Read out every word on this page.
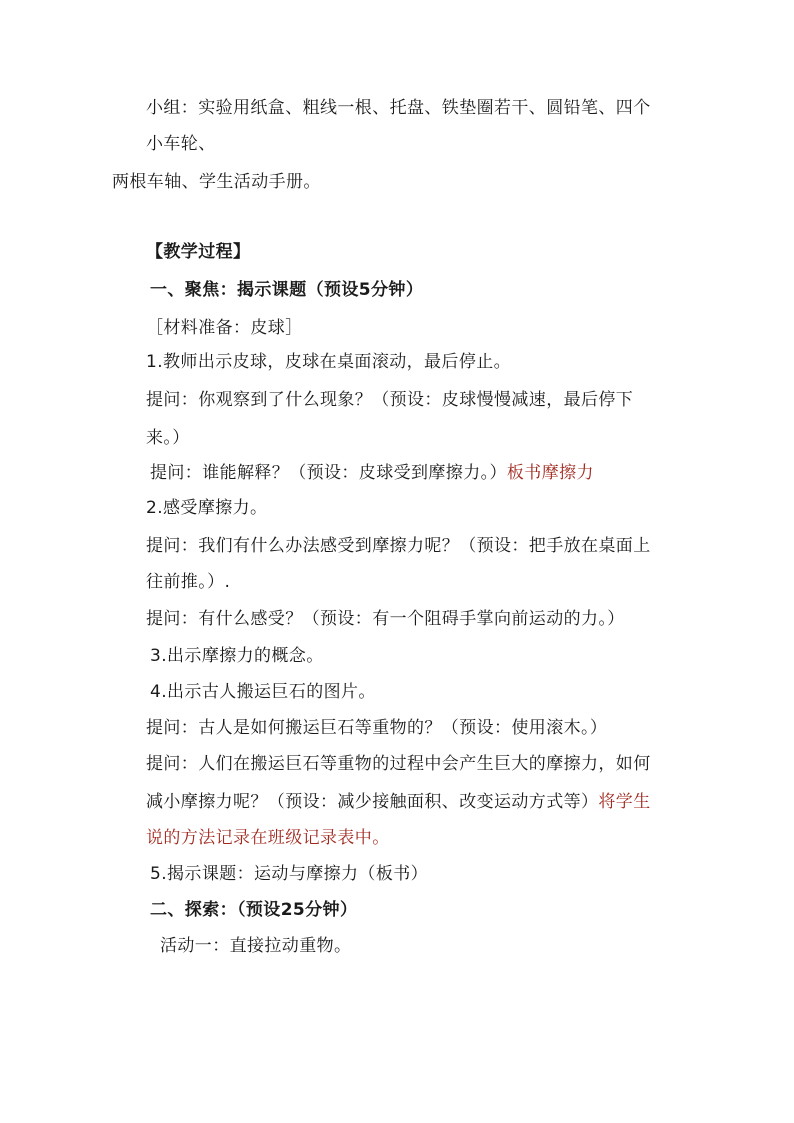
小组：实验用纸盒、粗线一根、托盘、铁垫圈若干、圆铅笔、四个
小车轮、
两根车轴、学生活动手册。
【教学过程】
一、聚焦：揭示课题（预设5分钟）
［材料准备：皮球］
1.教师出示皮球，皮球在桌面滚动，最后停止。
提问：你观察到了什么现象？（预设：皮球慢慢减速，最后停下
来。）
提问：谁能解释？（预设：皮球受到摩擦力。）板书摩擦力
2.感受摩擦力。
提问：我们有什么办法感受到摩擦力呢？（预设：把手放在桌面上
往前推。）.
提问：有什么感受？（预设：有一个阻碍手掌向前运动的力。）
3.出示摩擦力的概念。
4.出示古人搬运巨石的图片。
提问：古人是如何搬运巨石等重物的？（预设：使用滚木。）
提问：人们在搬运巨石等重物的过程中会产生巨大的摩擦力，如何
减小摩擦力呢？（预设：减少接触面积、改变运动方式等）将学生
说的方法记录在班级记录表中。
5.揭示课题：运动与摩擦力（板书）
二、探索：（预设25分钟）
活动一：直接拉动重物。
